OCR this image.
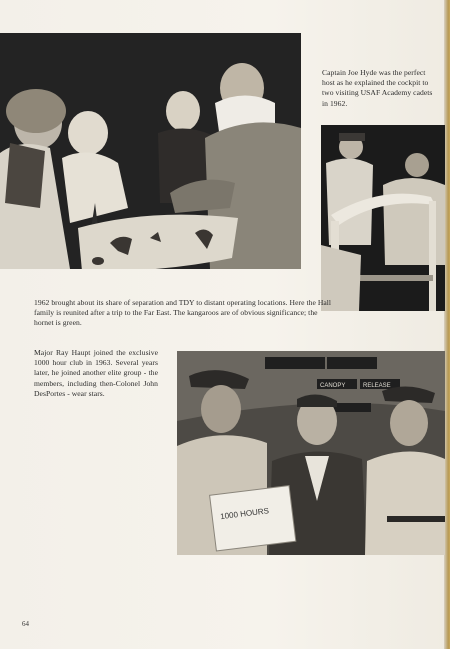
Captain Joe Hyde was the perfect host as he explained the cockpit to two visiting USAF Academy cadets in 1962.

1962 brought about its share of separation and TDY to distant operating locations. Here the Hall family is reunited after a trip to the Far East. The kangaroos are of obvious significance; the hornet is green.

Major Ray Haupt joined the exclusive 1000 hour club in 1963. Several years later, he joined another elite group - the members, including then-Colonel John DesPortes - wear stars.

CANOPY	RELEASE
1000 HOURS
64
